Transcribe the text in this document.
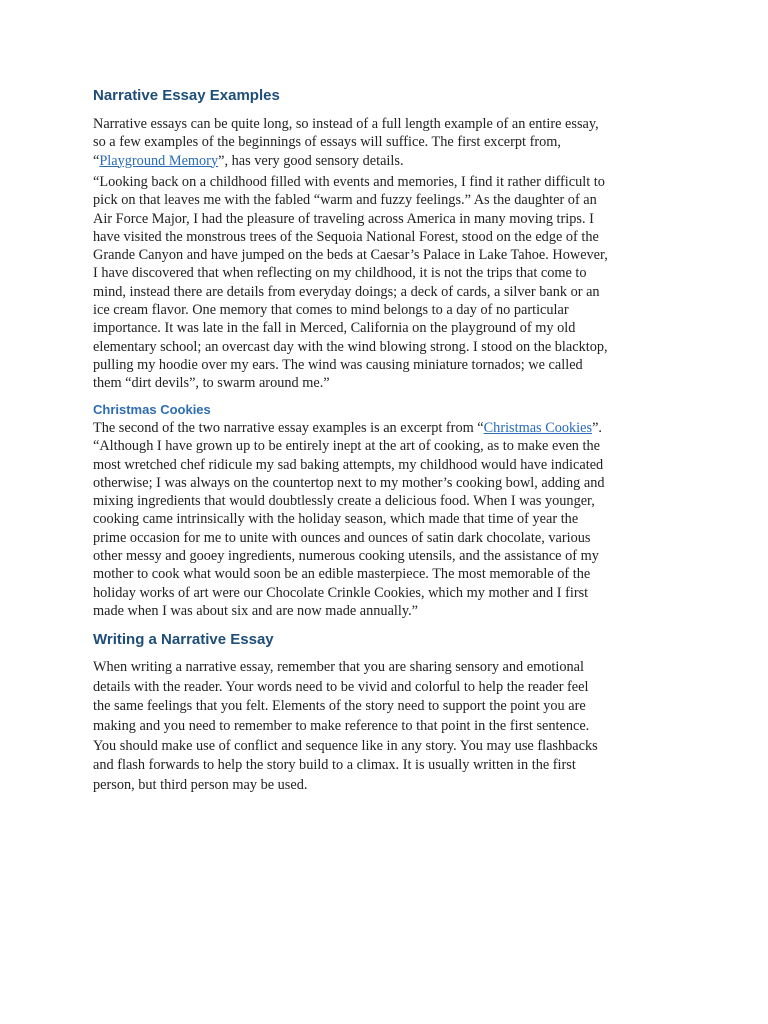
Narrative Essay Examples
Narrative essays can be quite long, so instead of a full length example of an entire essay,
so a few examples of the beginnings of essays will suffice. The first excerpt from,
“Playground Memory”, has very good sensory details.
“Looking back on a childhood filled with events and memories, I find it rather difficult to
pick on that leaves me with the fabled “warm and fuzzy feelings.” As the daughter of an
Air Force Major, I had the pleasure of traveling across America in many moving trips. I
have visited the monstrous trees of the Sequoia National Forest, stood on the edge of the
Grande Canyon and have jumped on the beds at Caesar’s Palace in Lake Tahoe. However,
I have discovered that when reflecting on my childhood, it is not the trips that come to
mind, instead there are details from everyday doings; a deck of cards, a silver bank or an
ice cream flavor. One memory that comes to mind belongs to a day of no particular
importance. It was late in the fall in Merced, California on the playground of my old
elementary school; an overcast day with the wind blowing strong. I stood on the blacktop,
pulling my hoodie over my ears. The wind was causing miniature tornados; we called
them “dirt devils”, to swarm around me.”
Christmas Cookies
The second of the two narrative essay examples is an excerpt from “Christmas Cookies”.
“Although I have grown up to be entirely inept at the art of cooking, as to make even the
most wretched chef ridicule my sad baking attempts, my childhood would have indicated
otherwise; I was always on the countertop next to my mother’s cooking bowl, adding and
mixing ingredients that would doubtlessly create a delicious food. When I was younger,
cooking came intrinsically with the holiday season, which made that time of year the
prime occasion for me to unite with ounces and ounces of satin dark chocolate, various
other messy and gooey ingredients, numerous cooking utensils, and the assistance of my
mother to cook what would soon be an edible masterpiece. The most memorable of the
holiday works of art were our Chocolate Crinkle Cookies, which my mother and I first
made when I was about six and are now made annually.”
Writing a Narrative Essay
When writing a narrative essay, remember that you are sharing sensory and emotional
details with the reader. Your words need to be vivid and colorful to help the reader feel
the same feelings that you felt. Elements of the story need to support the point you are
making and you need to remember to make reference to that point in the first sentence.
You should make use of conflict and sequence like in any story. You may use flashbacks
and flash forwards to help the story build to a climax. It is usually written in the first
person, but third person may be used.
